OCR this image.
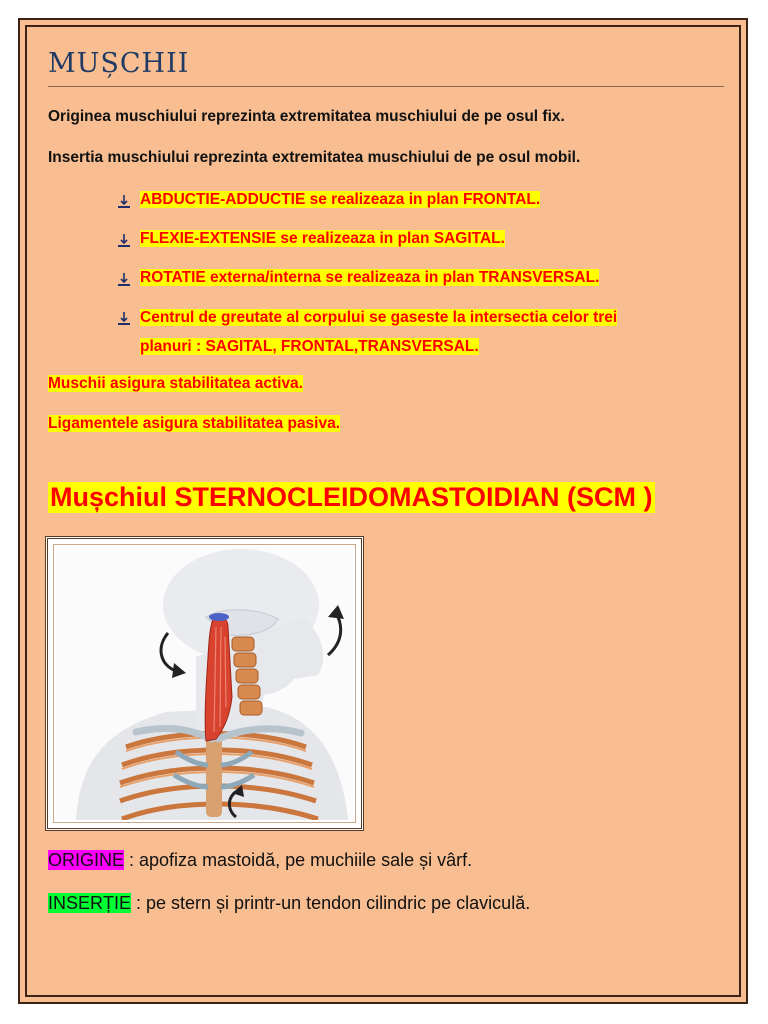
MUȘCHII

Originea muschiului reprezinta extremitatea muschiului de pe osul fix.

Insertia muschiului reprezinta extremitatea muschiului de pe osul mobil.

ABDUCTIE-ADDUCTIE se realizeaza in plan FRONTAL.
FLEXIE-EXTENSIE se realizeaza in plan SAGITAL.
ROTATIE externa/interna se realizeaza in plan TRANSVERSAL.
Centrul de greutate al corpului se gaseste la intersectia celor trei
planuri : SAGITAL, FRONTAL,TRANSVERSAL.

Muschii asigura stabilitatea activa.

Ligamentele asigura stabilitatea pasiva.

Mușchiul STERNOCLEIDOMASTOIDIAN (SCM )
ORIGINE : apofiza mastoidă, pe muchiile sale și vârf.
INSERȚIE : pe stern și printr-un tendon cilindric pe claviculă.
